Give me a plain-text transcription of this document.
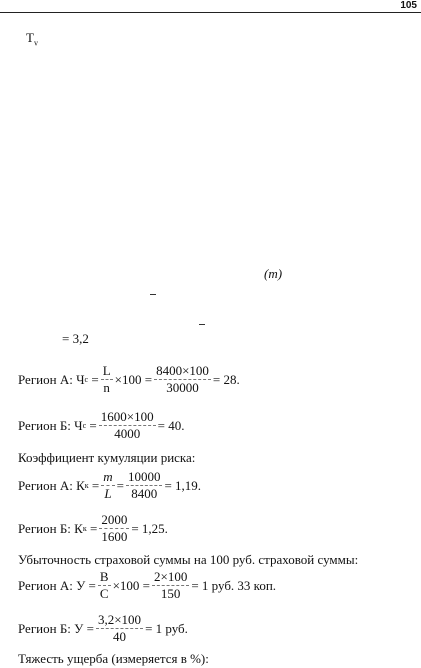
105
$T_v$
(m)
= 3,2
Регион А:
Ч с
= $\frac{L}{n} \times 100 = \frac{8400\times 100}{30000} = 28$.
Регион Б:
Ч с
= $\frac{1600\times 100}{4000} = 40$.
Коэффициент кумуляции риска:
Регион А:
К к
= $\frac{m}{L} = \frac{10000}{8400} = 1,19$.
Регион Б:
К к
= $\frac{2000}{1600} = 1,25$.
Убыточность страховой суммы на 100 руб. страховой суммы:
Регион А:
У
= $\frac{В}{С} \times 100 = \frac{2\times 100}{150} = 1$ руб. 33 коп.
Регион Б:
У
= $\frac{3,2\times 100}{40} = 1$ руб.
Тяжесть ущерба (измеряется в %):
